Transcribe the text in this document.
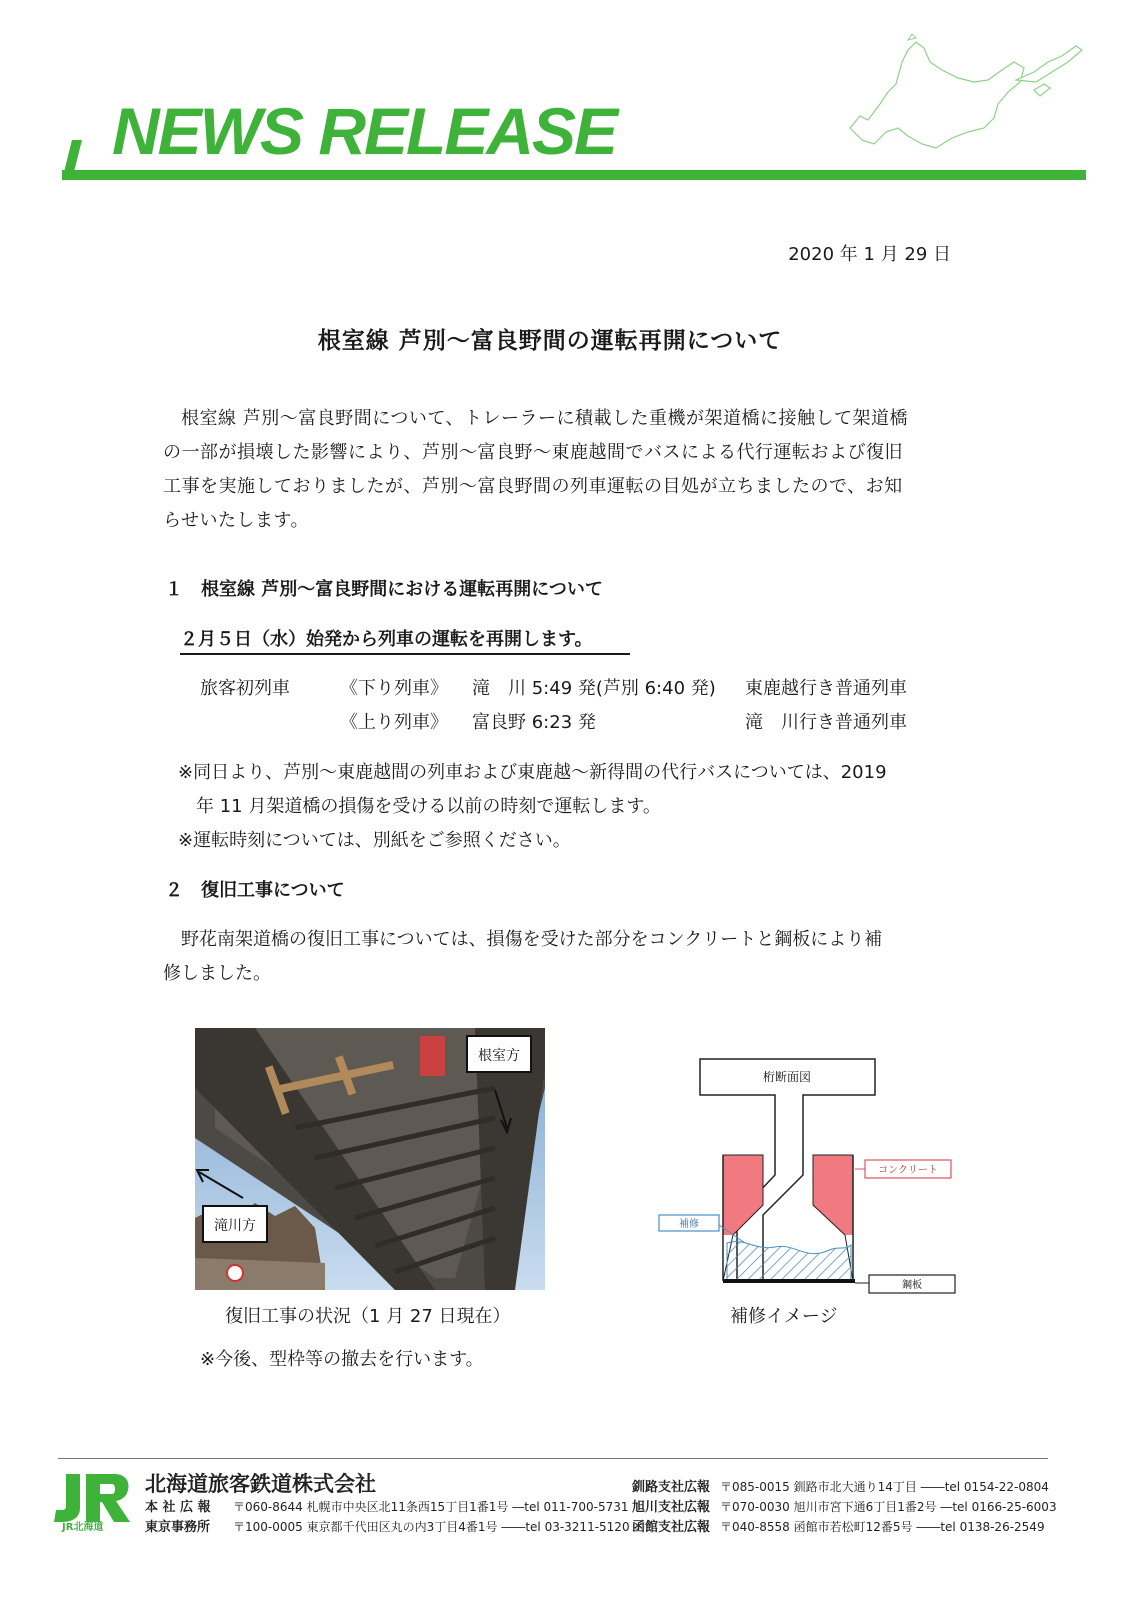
NEWS RELEASE
2020 年 1 月 29 日
根室線 芦別～富良野間の運転再開について
根室線 芦別～富良野間について、トレーラーに積載した重機が架道橋に接触して架道橋
の一部が損壊した影響により、芦別～富良野～東鹿越間でバスによる代行運転および復旧
工事を実施しておりましたが、芦別～富良野間の列車運転の目処が立ちましたので、お知
らせいたします。
１ 根室線 芦別～富良野間における運転再開について
２月５日（水）始発から列車の運転を再開します。
旅客初列車	《下り列車》 滝　川 5:49 発(芦別 6:40 発) 東鹿越行き普通列車
《上り列車》 富良野 6:23 発	滝　川行き普通列車
※同日より、芦別～東鹿越間の列車および東鹿越～新得間の代行バスについては、2019
　年 11 月架道橋の損傷を受ける以前の時刻で運転します。
※運転時刻については、別紙をご参照ください。
２ 復旧工事について
野花南架道橋の復旧工事については、損傷を受けた部分をコンクリートと鋼板により補
修しました。
根室方
滝川方
復旧工事の状況（1 月 27 日現在）
桁断面図
コンクリート
補修
鋼板
補修イメージ
※今後、型枠等の撤去を行います。
JR北海道
北海道旅客鉄道株式会社
本 社 広 報 〒060-8644 札幌市中央区北11条西15丁目1番1号 ―tel 011-700-5731
東京事務所 〒100-0005 東京都千代田区丸の内3丁目4番1号 ――tel 03-3211-5120
釧路支社広報 〒085-0015 釧路市北大通り14丁目 ――tel 0154-22-0804
旭川支社広報 〒070-0030 旭川市宮下通6丁目1番2号 ―tel 0166-25-6003
函館支社広報 〒040-8558 函館市若松町12番5号 ――tel 0138-26-2549
